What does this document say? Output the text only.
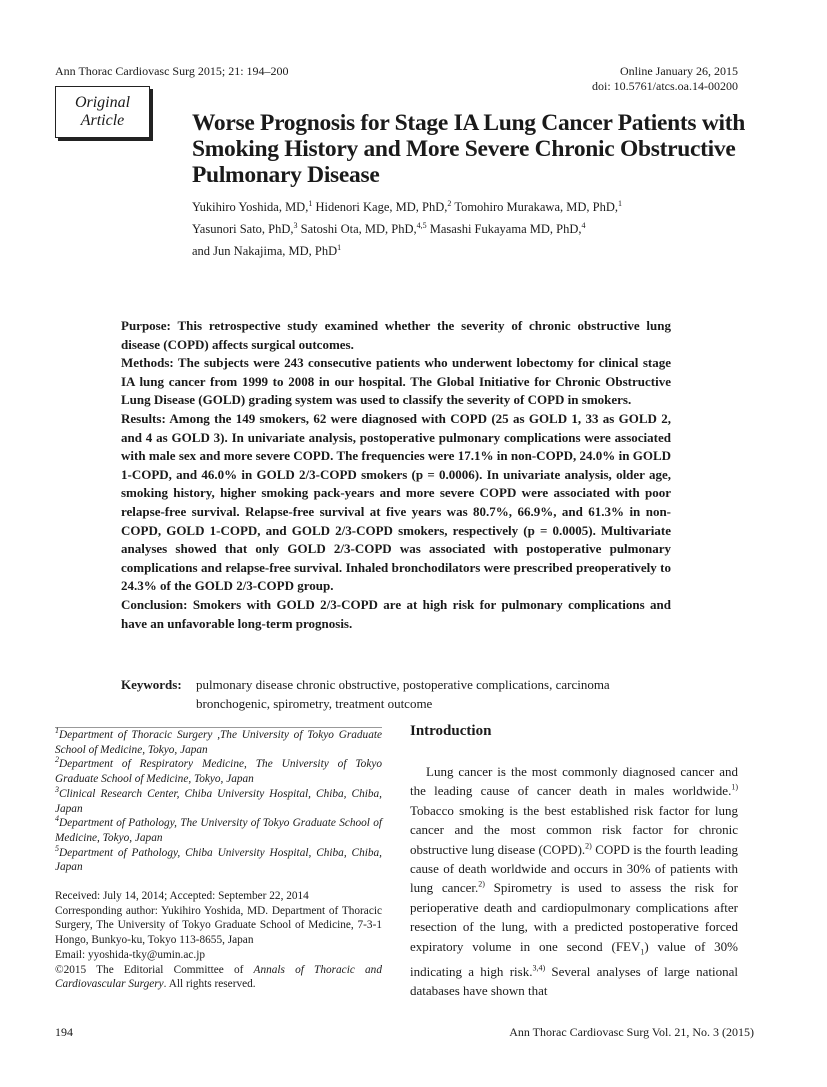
Ann Thorac Cardiovasc Surg 2015; 21: 194–200	Online January 26, 2015
doi: 10.5761/atcs.oa.14-00200
Original
Article	Worse Prognosis for Stage IA Lung Cancer Patients with Smoking History and More Severe Chronic Obstructive Pulmonary Disease
Yukihiro Yoshida, MD,$^1$ Hidenori Kage, MD, PhD,$^2$ Tomohiro Murakawa, MD, PhD,$^1$
Yasunori Sato, PhD,$^3$ Satoshi Ota, MD, PhD,$^{4,5}$ Masashi Fukayama MD, PhD,$^4$
and Jun Nakajima, MD, PhD$^1$

Purpose: This retrospective study examined whether the severity of chronic obstructive lung disease (COPD) affects surgical outcomes.

Methods: The subjects were 243 consecutive patients who underwent lobectomy for clinical stage IA lung cancer from 1999 to 2008 in our hospital. The Global Initiative for Chronic Obstructive Lung Disease (GOLD) grading system was used to classify the severity of COPD in smokers.

Results: Among the 149 smokers, 62 were diagnosed with COPD (25 as GOLD 1, 33 as GOLD 2, and 4 as GOLD 3). In univariate analysis, postoperative pulmonary complications were associated with male sex and more severe COPD. The frequencies were 17.1% in non-COPD, 24.0% in GOLD 1-COPD, and 46.0% in GOLD 2/3-COPD smokers (p = 0.0006). In univariate analysis, older age, smoking history, higher smoking pack-years and more severe COPD were associated with poor relapse-free survival. Relapse-free survival at five years was 80.7%, 66.9%, and 61.3% in non-COPD, GOLD 1-COPD, and GOLD 2/3-COPD smokers, respectively (p = 0.0005). Multivariate analyses showed that only GOLD 2/3-COPD was associated with postoperative pulmonary complications and relapse-free survival. Inhaled bronchodilators were prescribed preoperatively to 24.3% of the GOLD 2/3-COPD group.

Conclusion: Smokers with GOLD 2/3-COPD are at high risk for pulmonary complications and have an unfavorable long-term prognosis.

Keywords:	pulmonary disease chronic obstructive, postoperative complications, carcinoma bronchogenic, spirometry, treatment outcome

$^1$Department of Thoracic Surgery ,The University of Tokyo Graduate School of Medicine, Tokyo, Japan

$^2$Department of Respiratory Medicine, The University of Tokyo Graduate School of Medicine, Tokyo, Japan

$^3$Clinical Research Center, Chiba University Hospital, Chiba, Chiba, Japan

$^4$Department of Pathology, The University of Tokyo Graduate School of Medicine, Tokyo, Japan

$^5$Department of Pathology, Chiba University Hospital, Chiba, Chiba, Japan

Received: July 14, 2014; Accepted: September 22, 2014

Corresponding author: Yukihiro Yoshida, MD. Department of Thoracic Surgery, The University of Tokyo Graduate School of Medicine, 7-3-1 Hongo, Bunkyo-ku, Tokyo 113-8655, Japan

Email: yyoshida-tky@umin.ac.jp

©2015 The Editorial Committee of Annals of Thoracic and Cardiovascular Surgery. All rights reserved.

Introduction
Lung cancer is the most commonly diagnosed cancer and the leading cause of cancer death in males worldwide.$^{1)}$ Tobacco smoking is the best established risk factor for lung cancer and the most common risk factor for chronic obstructive lung disease (COPD).$^{2)}$ COPD is the fourth leading cause of death worldwide and occurs in 30% of patients with lung cancer.$^{2)}$ Spirometry is used to assess the risk for perioperative death and cardiopulmonary complications after resection of the lung, with a predicted postoperative forced expiratory volume in one second $(FEV_1)$ value of 30% indicating a high risk.$^{3,4)}$ Several analyses of large national databases have shown that
194	Ann Thorac Cardiovasc Surg Vol. 21, No. 3 (2015)
